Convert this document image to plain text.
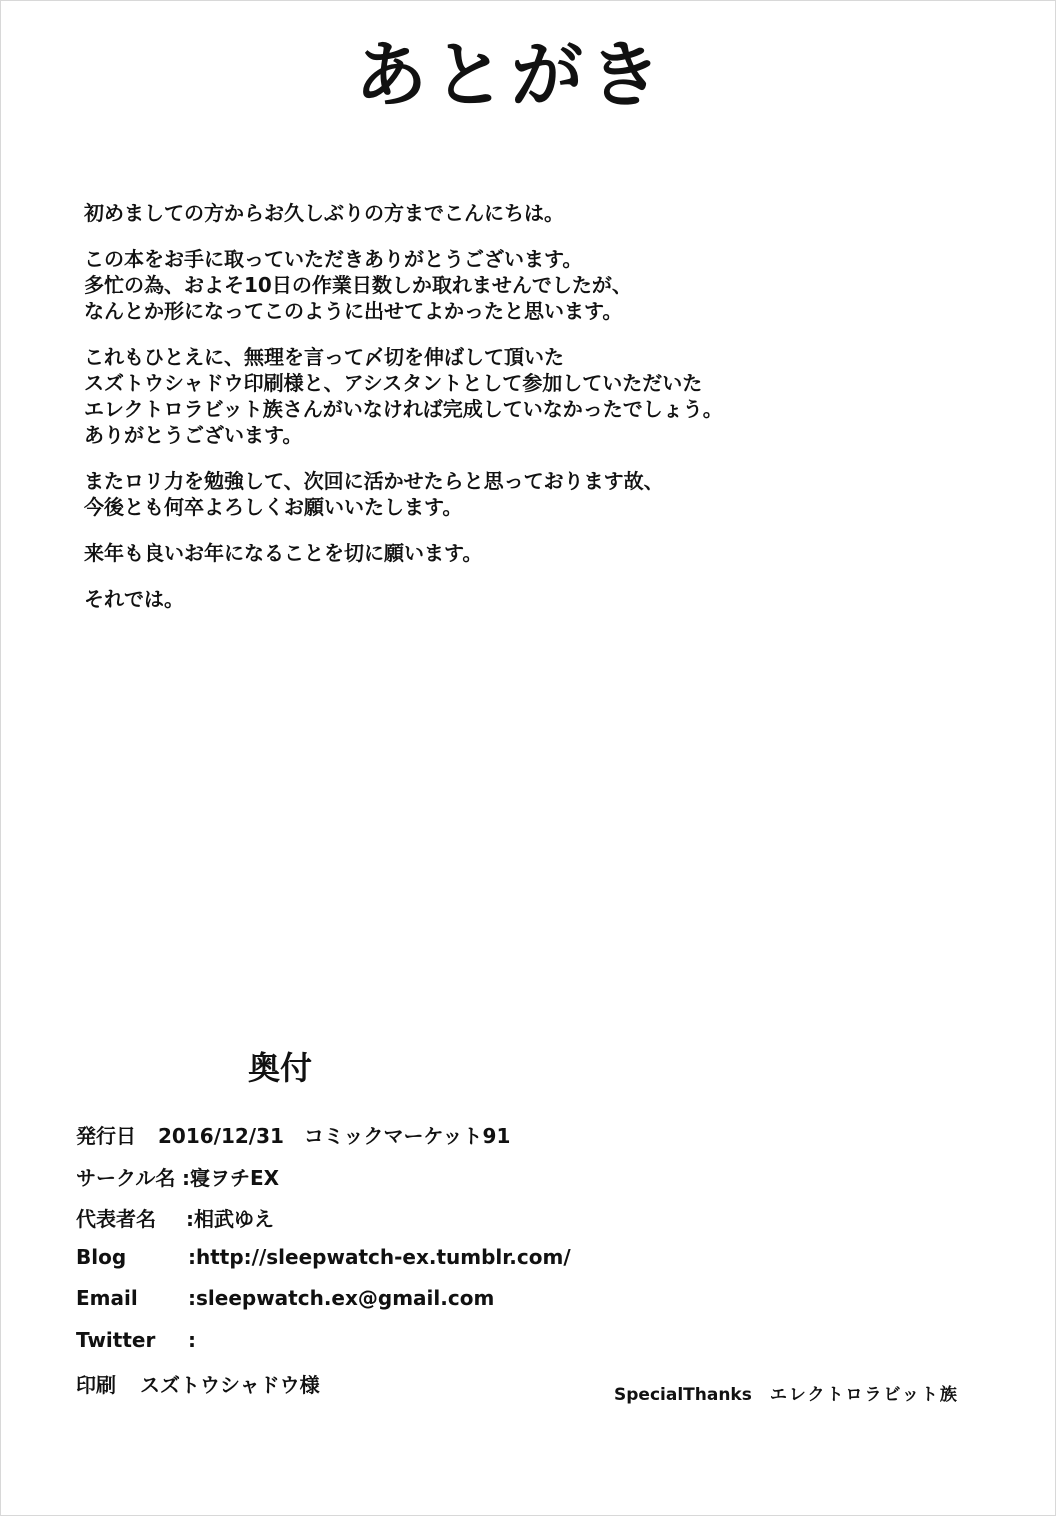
あとがき
初めましての方からお久しぶりの方までこんにちは。
この本をお手に取っていただきありがとうございます。
多忙の為、およそ10日の作業日数しか取れませんでしたが、
なんとか形になってこのように出せてよかったと思います。
これもひとえに、無理を言って〆切を伸ばして頂いた
スズトウシャドウ印刷様と、アシスタントとして参加していただいた
エレクトロラビット族さんがいなければ完成していなかったでしょう。
ありがとうございます。
またロリ力を勉強して、次回に活かせたらと思っております故、
今後とも何卒よろしくお願いいたします。
来年も良いお年になることを切に願います。
それでは。
奥付
発行日 2016/12/31　コミックマーケット91
サークル名 :寝ヲチEX
代表者名 :相武ゆえ
Blog	:http://sleepwatch-ex.tumblr.com/
Email	:sleepwatch.ex@gmail.com
Twitter :
印刷 スズトウシャドウ様	SpecialThanks エレクトロラビット族
